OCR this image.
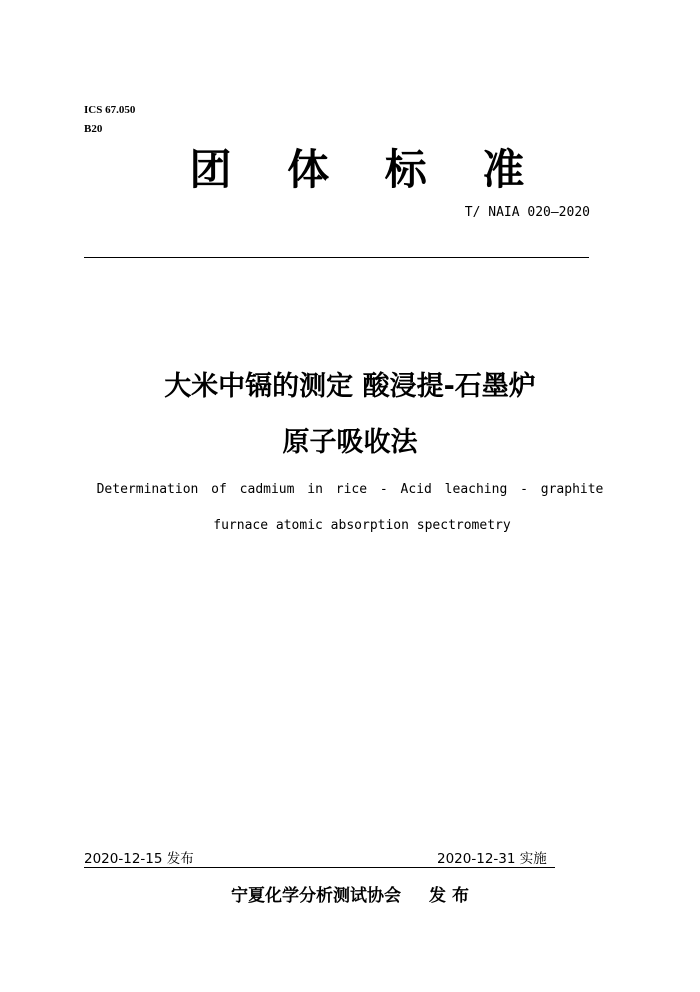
ICS 67.050
B20
团 体 标 准
T/ NAIA 020—2020
大米中镉的测定 酸浸提-石墨炉
原子吸收法
Determination of cadmium in rice - Acid leaching - graphite
furnace atomic absorption spectrometry
2020-12-15 发布	2020-12-31 实施
宁夏化学分析测试协会 发 布
